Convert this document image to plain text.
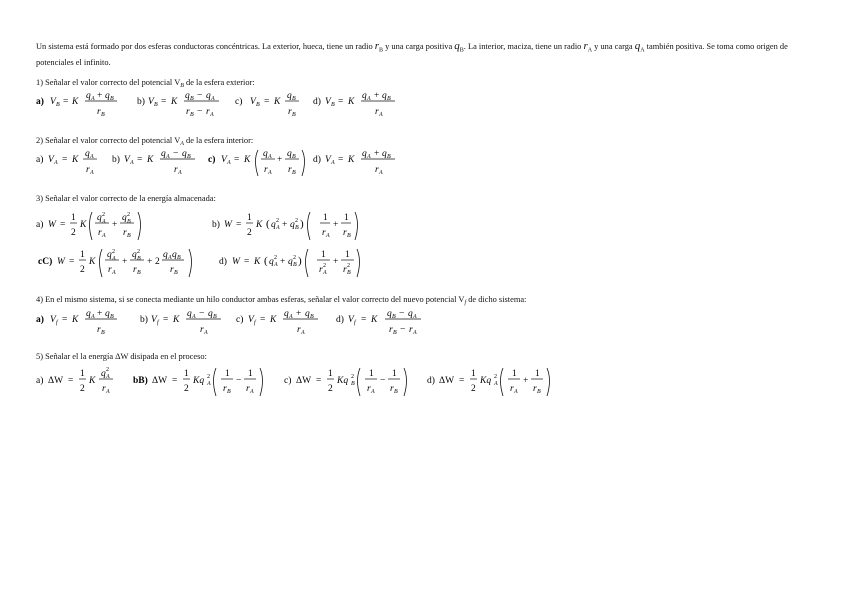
Un sistema está formado por dos esferas conductoras concéntricas. La exterior, hueca, tiene un radio $r_B$ y una carga positiva $q_B$. La interior, maciza, tiene un radio $r_A$ y una carga $q_A$ también positiva. Se toma como origen de potenciales el infinito.
1) Señalar el valor correcto del potencial $V_B$ de la esfera exterior:
a) V B = K
q A + q B
r B
b) V B = K
q B − q A
r B − r A
c) V B = K
q B
r B
d) V B = K
q A + q B
r A
a) V A = K
q A
r A
b) V A = K
q A − q B
r A
c) V A = K
q A
r A
+
q B
r B
d) V A = K
q A + q B
r A
a) W =
1
2
K
q 2
A
r A
+
q 2
B
r B
b) W =
1
2
K ( q 2
A + q 2
B ) 1
r A
+
1
r B
cC) W =
1
2
K
q 2
A
r A
+
q 2
B
r B
+ 2
q A q B
r B
d) W = K ( q 2
A + q 2
B ) 1
r 2
A
+
1
r 2
B
a) V f = K
q A + q B
r B
b) V f = K
q A − q B
r A
c) V f = K
q A + q B
r A
d) V f = K
q B − q A
r B − r A
a) ΔW =
1
2
K
q 2
A
r A
bB) ΔW =
1
2
Kq 2
A
1
r B
−
1
r A
c) ΔW =
1
2
Kq 2
B
1
r A
−
1
r B
d) ΔW =
1
2
Kq 2
A
1
r A
+
1
r B
2) Señalar el valor correcto del potencial $V_A$ de la esfera interior:
3) Señalar el valor correcto de la energía almacenada:
4) En el mismo sistema, si se conecta mediante un hilo conductor ambas esferas, señalar el valor correcto del nuevo potencial $V_f$ de dicho sistema:
5) Señalar el la energía ΔW disipada en el proceso:
